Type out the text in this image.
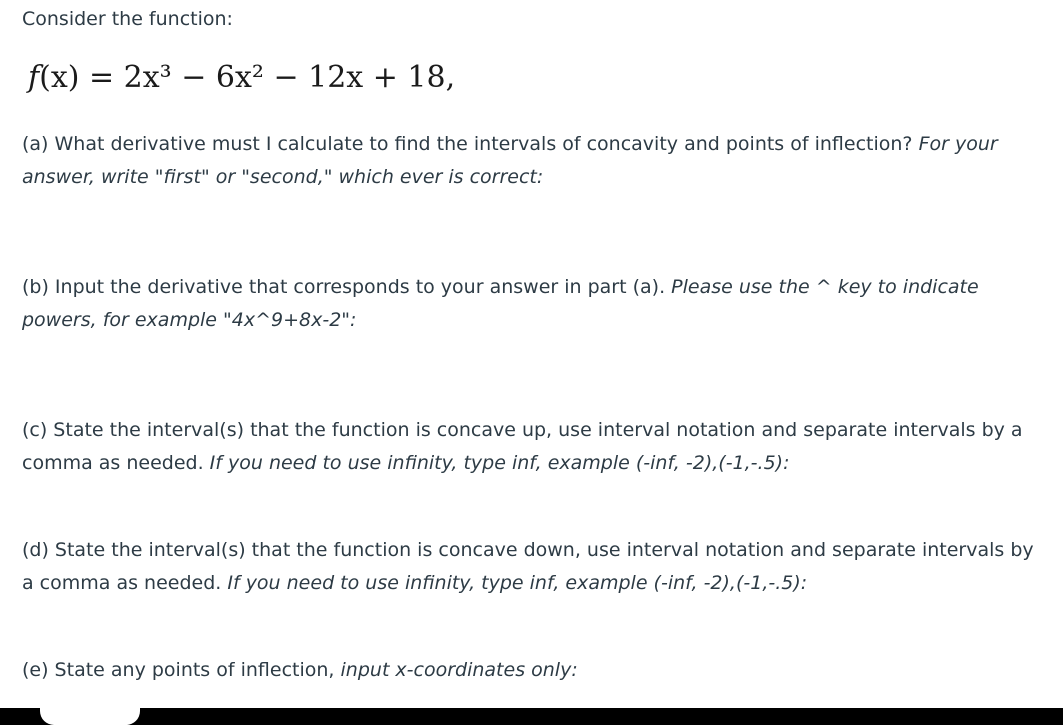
Consider the function:

f(x) = 2x³ − 6x² − 12x + 18,

(a) What derivative must I calculate to find the intervals of concavity and points of inflection? For your answer, write "first" or "second," which ever is correct:

(b) Input the derivative that corresponds to your answer in part (a). Please use the ^ key to indicate powers, for example "4x^9+8x-2":

(c) State the interval(s) that the function is concave up, use interval notation and separate intervals by a comma as needed. If you need to use infinity, type inf, example (-inf, -2),(-1,-.5):

(d) State the interval(s) that the function is concave down, use interval notation and separate intervals by a comma as needed. If you need to use infinity, type inf, example (-inf, -2),(-1,-.5):

(e) State any points of inflection, input x-coordinates only:
